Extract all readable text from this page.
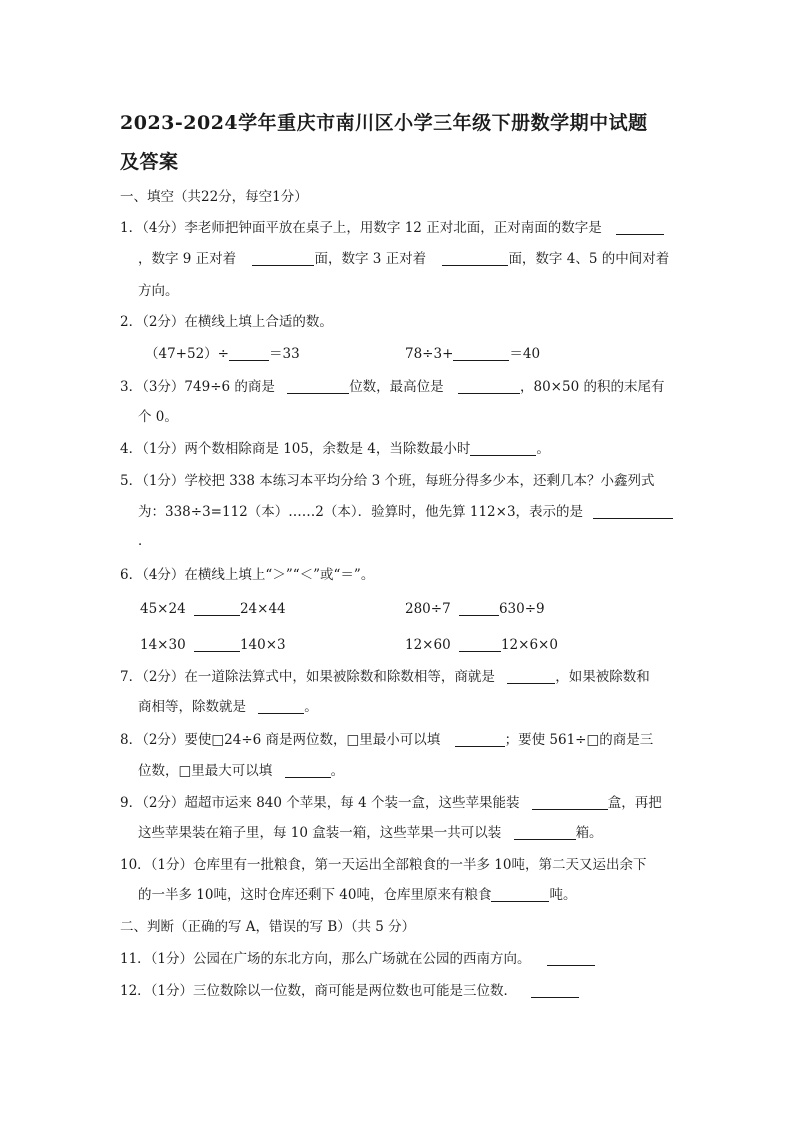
2023-2024学年重庆市南川区小学三年级下册数学期中试题
及答案
一、填空（共22分，每空1分）
1．（4分）李老师把钟面平放在桌子上，用数字 12 正对北面，正对南面的数字是
，数字 9 正对着	面，数字 3 正对着	面，数字 4、5 的中间对着
方向。
2．（2分）在横线上填上合适的数。
（47+52）÷	＝33	78÷3+	＝40
3．（3分）749÷6 的商是	位数，最高位是	，80×50 的积的末尾有
个 0。
4．（1分）两个数相除商是 105，余数是 4，当除数最小时	。
5．（1分）学校把 338 本练习本平均分给 3 个班，每班分得多少本，还剩几本？小鑫列式
为：338÷3=112（本）……2（本）．验算时，他先算 112×3，表示的是
．
6．（4分）在横线上填上“＞”“＜”或“＝”。
45×24	24×44	280÷7	630÷9
14×30	140×3	12×60	12×6×0
7．（2分）在一道除法算式中，如果被除数和除数相等，商就是	，如果被除数和
商相等，除数就是	。
8．（2分）要使□24÷6 商是两位数，□里最小可以填	；要使 561÷□的商是三
位数，□里最大可以填	。
9．（2分）超超市运来 840 个苹果，每 4 个装一盒，这些苹果能装	盒，再把
这些苹果装在箱子里，每 10 盒装一箱，这些苹果一共可以装	箱。
10．（1分）仓库里有一批粮食，第一天运出全部粮食的一半多 10吨，第二天又运出余下
的一半多 10吨，这时仓库还剩下 40吨，仓库里原来有粮食	吨。
二、判断（正确的写 A，错误的写 B）（共 5 分）
11．（1分）公园在广场的东北方向，那么广场就在公园的西南方向。
12．（1分）三位数除以一位数，商可能是两位数也可能是三位数．
